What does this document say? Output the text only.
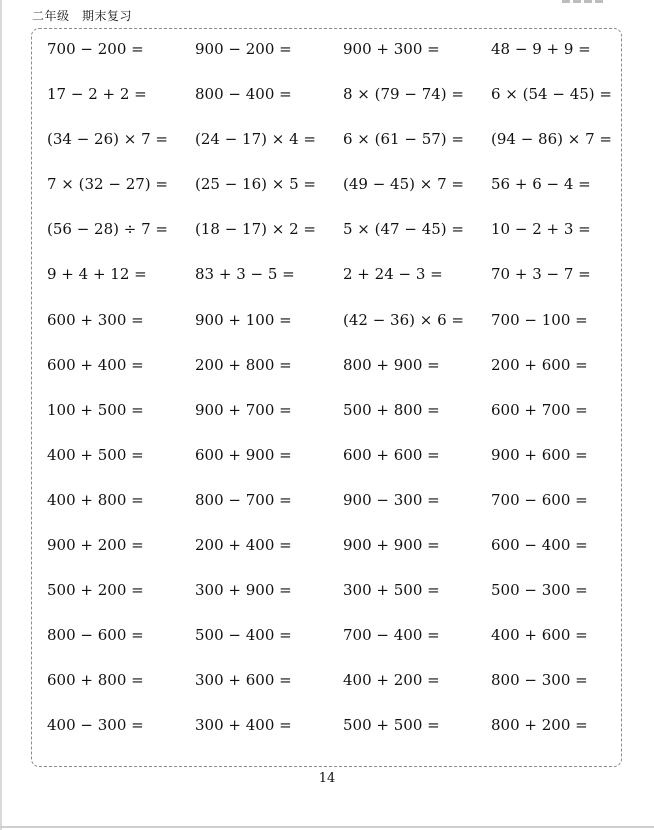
二年级　期末复习
700 − 200 =	900 − 200 =	900 + 300 =	48 − 9 + 9 =
17 − 2 + 2 =	800 − 400 =	8 × (79 − 74) =	6 × (54 − 45) =
(34 − 26) × 7 =	(24 − 17) × 4 =	6 × (61 − 57) =	(94 − 86) × 7 =
7 × (32 − 27) =	(25 − 16) × 5 =	(49 − 45) × 7 =	56 + 6 − 4 =
(56 − 28) ÷ 7 =	(18 − 17) × 2 =	5 × (47 − 45) =	10 − 2 + 3 =
9 + 4 + 12 =	83 + 3 − 5 =	2 + 24 − 3 =	70 + 3 − 7 =
600 + 300 =	900 + 100 =	(42 − 36) × 6 =	700 − 100 =
600 + 400 =	200 + 800 =	800 + 900 =	200 + 600 =
100 + 500 =	900 + 700 =	500 + 800 =	600 + 700 =
400 + 500 =	600 + 900 =	600 + 600 =	900 + 600 =
400 + 800 =	800 − 700 =	900 − 300 =	700 − 600 =
900 + 200 =	200 + 400 =	900 + 900 =	600 − 400 =
500 + 200 =	300 + 900 =	300 + 500 =	500 − 300 =
800 − 600 =	500 − 400 =	700 − 400 =	400 + 600 =
600 + 800 =	300 + 600 =	400 + 200 =	800 − 300 =
400 − 300 =	300 + 400 =	500 + 500 =	800 + 200 =
14
